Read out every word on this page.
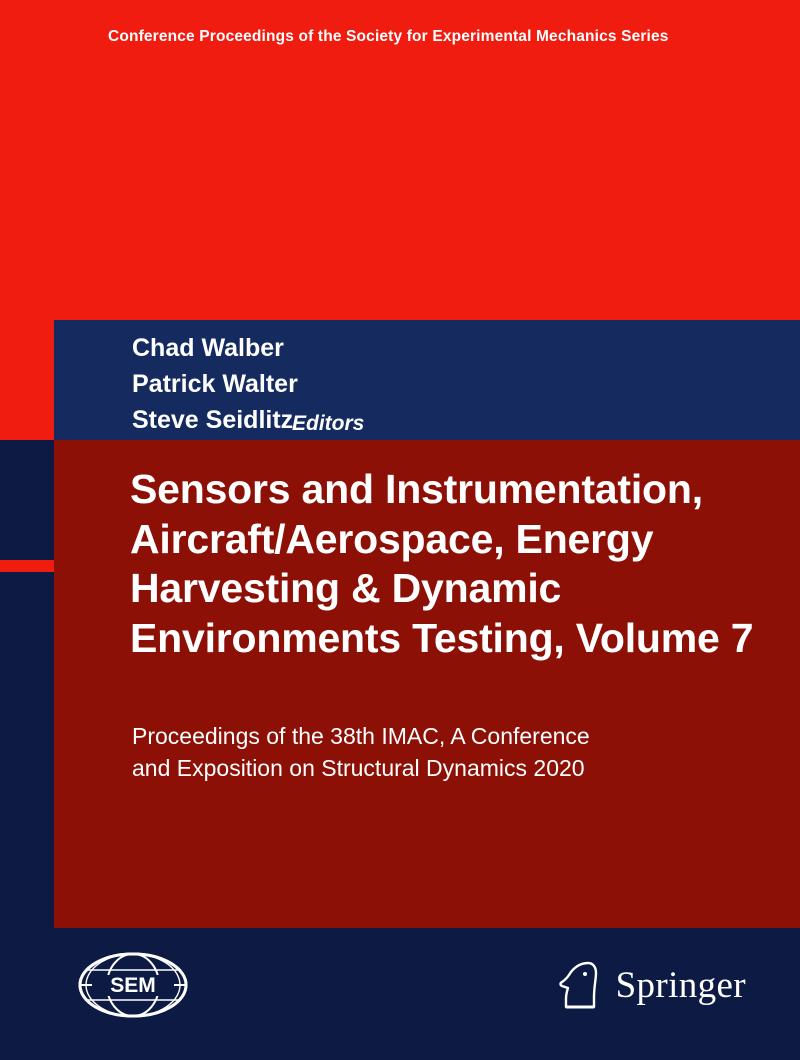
Conference Proceedings of the Society for Experimental Mechanics Series
Chad Walber
Patrick Walter
Steve Seidlitz
Editors
Sensors and Instrumentation, Aircraft/Aerospace, Energy Harvesting & Dynamic Environments Testing, Volume 7
Proceedings of the 38th IMAC, A Conference
and Exposition on Structural Dynamics 2020
SEM	Springer
